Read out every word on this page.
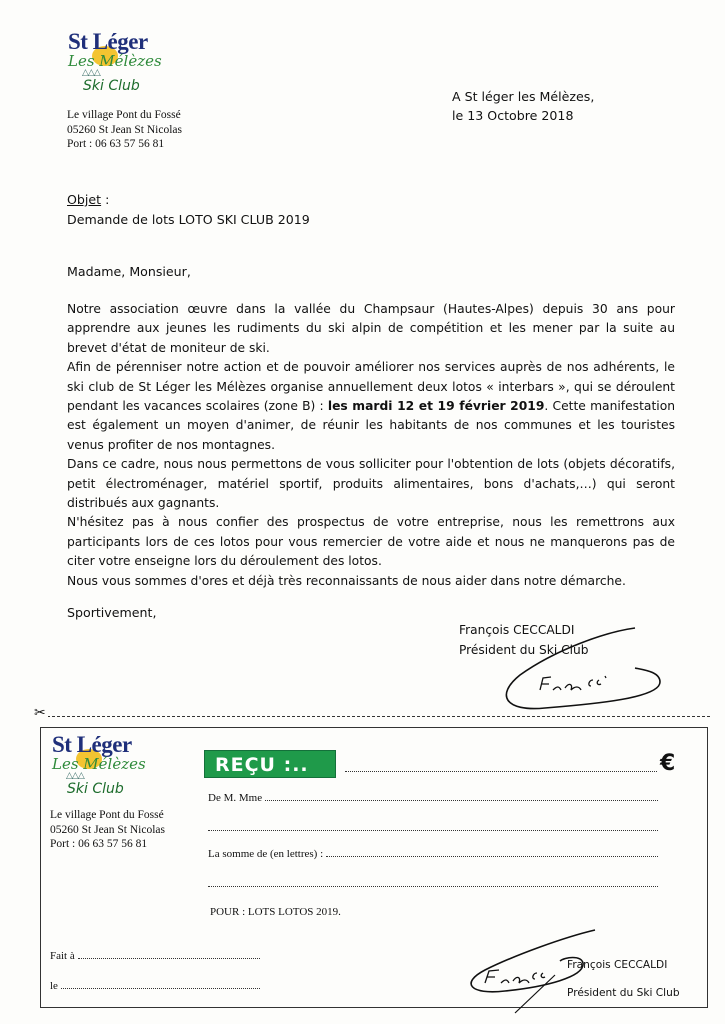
St Léger
Les Mélèzes
△△△
Ski Club
Le village Pont du Fossé
05260 St Jean St Nicolas
Port : 06 63 57 56 81
A St léger les Mélèzes,
le 13 Octobre 2018
Objet :
Demande de lots LOTO SKI CLUB 2019
Madame, Monsieur,

Notre association œuvre dans la vallée du Champsaur (Hautes-Alpes) depuis 30 ans pour apprendre aux jeunes les rudiments du ski alpin de compétition et les mener par la suite au brevet d'état de moniteur de ski.

Afin de pérenniser notre action et de pouvoir améliorer nos services auprès de nos adhérents, le ski club de St Léger les Mélèzes organise annuellement deux lotos « interbars », qui se déroulent pendant les vacances scolaires (zone B) : les mardi 12 et 19 février 2019. Cette manifestation est également un moyen d'animer, de réunir les habitants de nos communes et les touristes venus profiter de nos montagnes.

Dans ce cadre, nous nous permettons de vous solliciter pour l'obtention de lots (objets décoratifs, petit électroménager, matériel sportif, produits alimentaires, bons d'achats,…) qui seront distribués aux gagnants.

N'hésitez pas à nous confier des prospectus de votre entreprise, nous les remettrons aux participants lors de ces lotos pour vous remercier de votre aide et nous ne manquerons pas de citer votre enseigne lors du déroulement des lotos.

Nous vous sommes d'ores et déjà très reconnaissants de nous aider dans notre démarche.

Sportivement,
François CECCALDI
Président du Ski Club
✂
St Léger
Les Mélèzes
△△△
Ski Club
Le village Pont du Fossé
05260 St Jean St Nicolas
Port : 06 63 57 56 81
REÇU :..	€
De M. Mme
La somme de (en lettres) :
POUR : LOTS LOTOS 2019.
Fait à
le
François CECCALDI
Président du Ski Club
